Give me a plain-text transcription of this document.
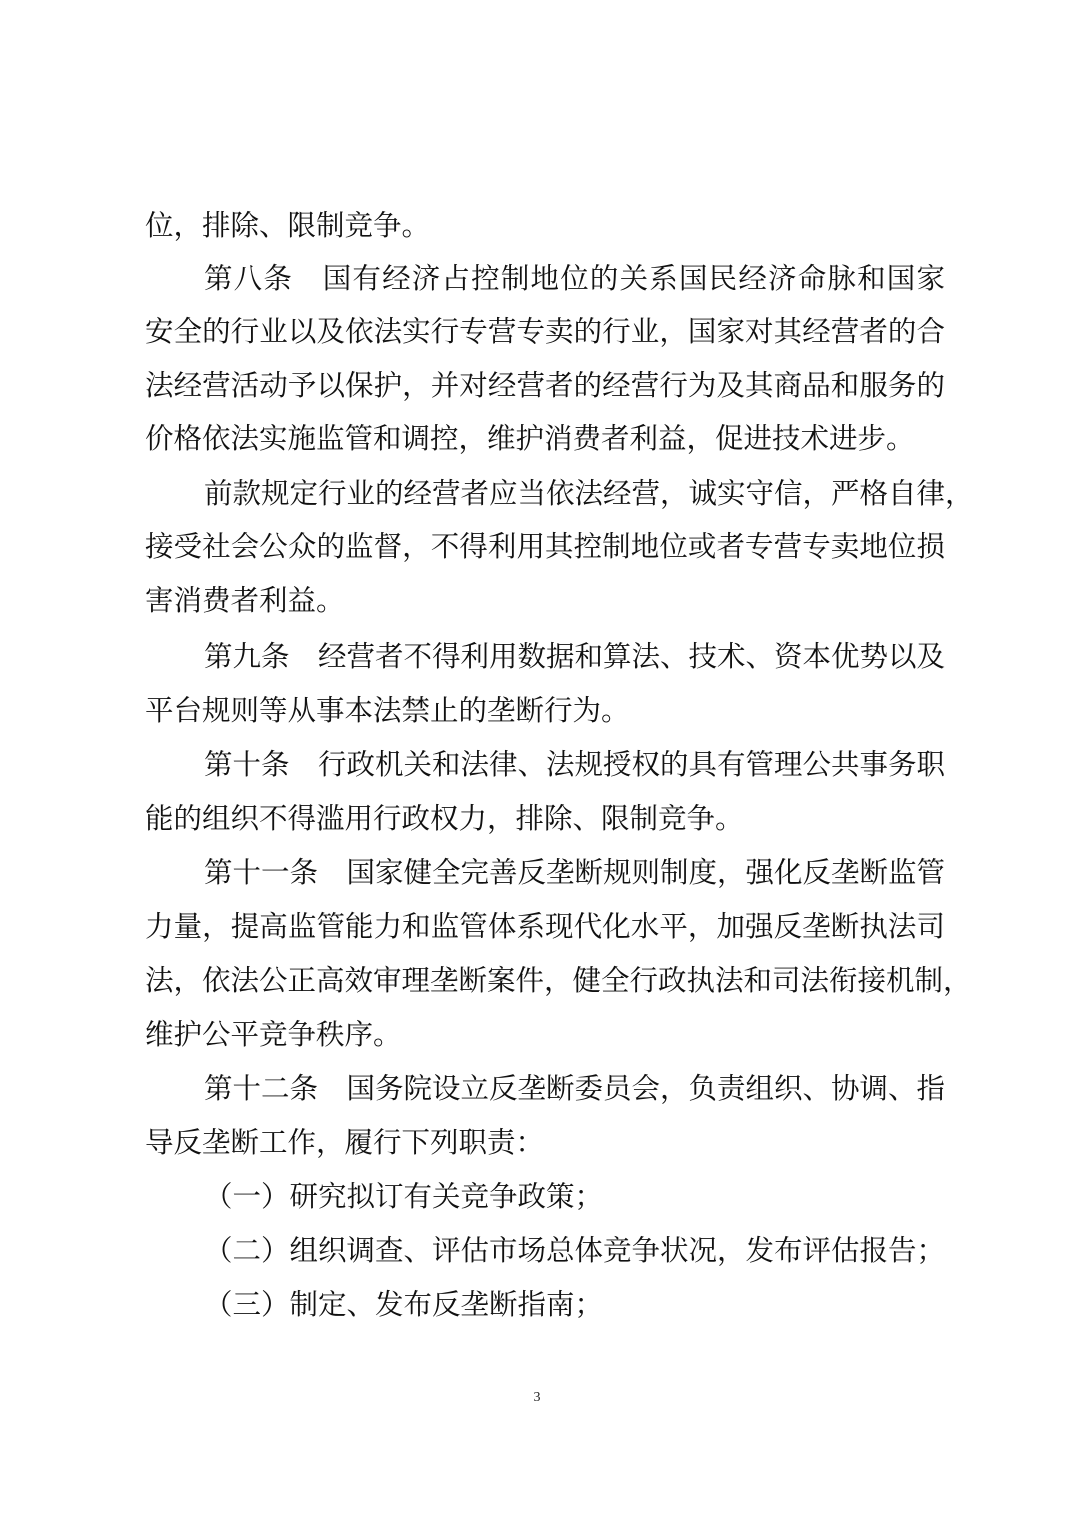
位，排除、限制竞争。
第八条　国有经济占控制地位的关系国民经济命脉和国家
安全的行业以及依法实行专营专卖的行业，国家对其经营者的合
法经营活动予以保护，并对经营者的经营行为及其商品和服务的
价格依法实施监管和调控，维护消费者利益，促进技术进步。
前款规定行业的经营者应当依法经营，诚实守信，严格自律，
接受社会公众的监督，不得利用其控制地位或者专营专卖地位损
害消费者利益。
第九条　经营者不得利用数据和算法、技术、资本优势以及
平台规则等从事本法禁止的垄断行为。
第十条　行政机关和法律、法规授权的具有管理公共事务职
能的组织不得滥用行政权力，排除、限制竞争。
第十一条　国家健全完善反垄断规则制度，强化反垄断监管
力量，提高监管能力和监管体系现代化水平，加强反垄断执法司
法，依法公正高效审理垄断案件，健全行政执法和司法衔接机制，
维护公平竞争秩序。
第十二条　国务院设立反垄断委员会，负责组织、协调、指
导反垄断工作，履行下列职责：
（一）研究拟订有关竞争政策；
（二）组织调查、评估市场总体竞争状况，发布评估报告；
（三）制定、发布反垄断指南；
3
